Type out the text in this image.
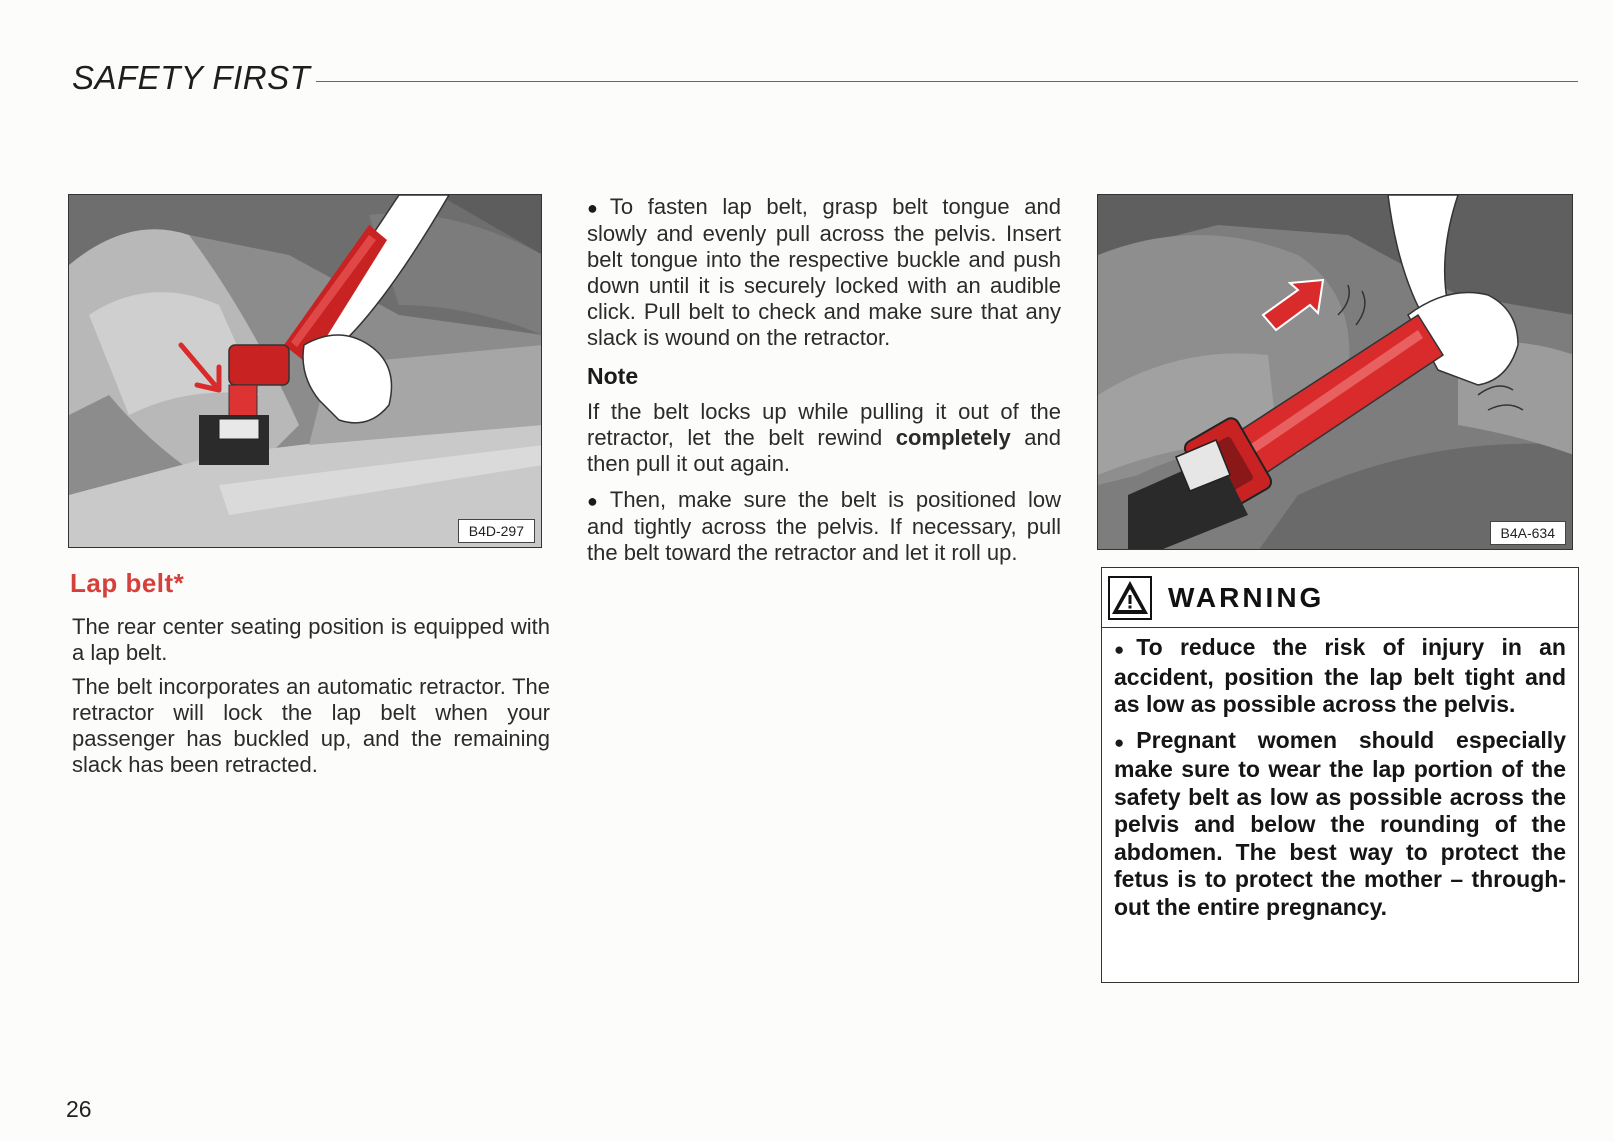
SAFETY FIRST
B4D-297
Lap belt*

The rear center seating position is equipped with a lap belt.

The belt incorporates an automatic retractor. The retractor will lock the lap belt when your passenger has buckled up, and the remaining slack has been retracted.

● To fasten lap belt, grasp belt tongue and slowly and evenly pull across the pelvis. Insert belt tongue into the respective buckle and push down until it is securely locked with an audible click. Pull belt to check and make sure that any slack is wound on the retractor.

Note

If the belt locks up while pulling it out of the retractor, let the belt rewind completely and then pull it out again.

● Then, make sure the belt is positioned low and tightly across the pelvis. If necessary, pull the belt toward the retractor and let it roll up.

B4A-634
WARNING

● To reduce the risk of injury in an accident, position the lap belt tight and as low as possible across the pelvis.

● Pregnant women should especially make sure to wear the lap portion of the safety belt as low as possible across the pelvis and below the rounding of the abdomen. The best way to protect the fetus is to protect the mother – throughout the entire pregnancy.

26
